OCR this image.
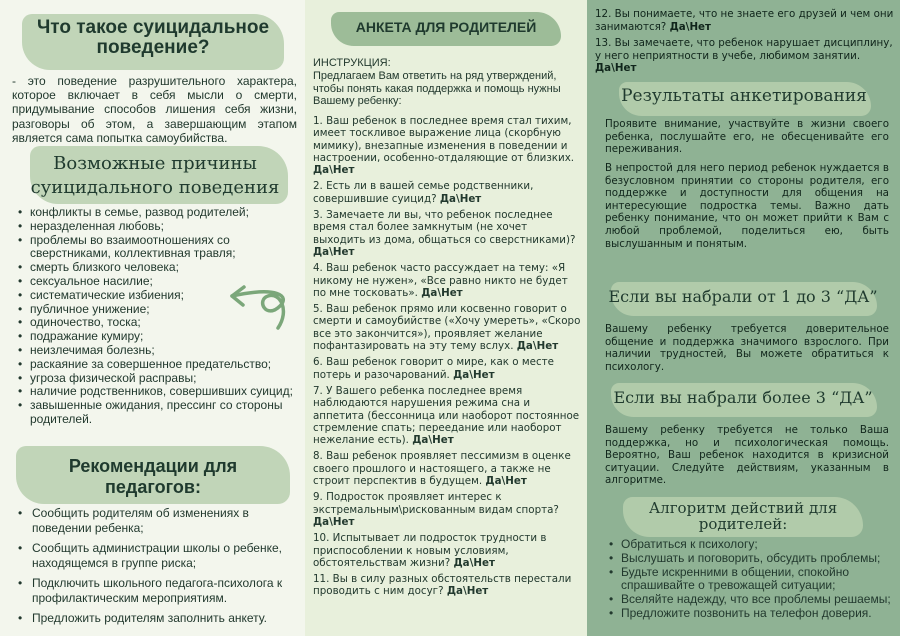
Что такое суицидальное поведение?
- это поведение разрушительного характера, которое включает в себя мысли о смерти, придумывание способов лишения себя жизни, разговоры об этом, а завершающим этапом является сама попытка самоубийства.
Возможные причины суицидального поведения
• конфликты в семье, развод родителей;
• неразделенная любовь;
• проблемы во взаимоотношениях со сверстниками, коллективная травля;
• смерть близкого человека;
• сексуальное насилие;
• систематические избиения;
• публичное унижение;
• одиночество, тоска;
• подражание кумиру;
• неизлечимая болезнь;
• раскаяние за совершенное предательство;
• угроза физической расправы;
• наличие родственников, совершивших суицид;
• завышенные ожидания, прессинг со стороны родителей.
Рекомендации для педагогов:
• Сообщить родителям об изменениях в поведении ребенка;
• Сообщить администрации школы о ребенке, находящемся в группе риска;
• Подключить школьного педагога-психолога к профилактическим мероприятиям.
• Предложить родителям заполнить анкету.
АНКЕТА ДЛЯ РОДИТЕЛЕЙ
ИНСТРУКЦИЯ:
Предлагаем Вам ответить на ряд утверждений, чтобы понять какая поддержка и помощь нужны Вашему ребенку:
1. Ваш ребенок в последнее время стал тихим, имеет тоскливое выражение лица (скорбную мимику), внезапные изменения в поведении и настроении, особенно-отдаляющие от близких. Да\Нет
2. Есть ли в вашей семье родственники, совершившие суицид? Да\Нет
3. Замечаете ли вы, что ребенок последнее время стал более замкнутым (не хочет выходить из дома, общаться со сверстниками)? Да\Нет
4. Ваш ребенок часто рассуждает на тему: «Я никому не нужен», «Все равно никто не будет по мне тосковать». Да\Нет
5. Ваш ребенок прямо или косвенно говорит о смерти и самоубийстве («Хочу умереть», «Скоро все это закончится»), проявляет желание пофантазировать на эту тему вслух. Да\Нет
6. Ваш ребенок говорит о мире, как о месте потерь и разочарований. Да\Нет
7. У Вашего ребенка последнее время наблюдаются нарушения режима сна и аппетита (бессонница или наоборот постоянное стремление спать; переедание или наоборот нежелание есть). Да\Нет
8. Ваш ребенок проявляет пессимизм в оценке своего прошлого и настоящего, а также не строит перспектив в будущем. Да\Нет
9. Подросток проявляет интерес к экстремальным\рискованным видам спорта? Да\Нет
10. Испытывает ли подросток трудности в приспособлении к новым условиям, обстоятельствам жизни? Да\Нет
11. Вы в силу разных обстоятельств перестали проводить с ним досуг? Да\Нет
12. Вы понимаете, что не знаете его друзей и чем они занимаются? Да\Нет
13. Вы замечаете, что ребенок нарушает дисциплину, у него неприятности в учебе, любимом занятии. Да\Нет
Результаты анкетирования
Проявите внимание, участвуйте в жизни своего ребенка, послушайте его, не обесценивайте его переживания.
В непростой для него период ребенок нуждается в безусловном принятии со стороны родителя, его поддержке и доступности для общения на интересующие подростка темы. Важно дать ребенку понимание, что он может прийти к Вам с любой проблемой, поделиться ею, быть выслушанным и понятым.
Если вы набрали от 1 до 3 “ДА”
Вашему ребенку требуется доверительное общение и поддержка значимого взрослого. При наличии трудностей, Вы можете обратиться к психологу.
Если вы набрали более 3 “ДА”
Вашему ребенку требуется не только Ваша поддержка, но и психологическая помощь. Вероятно, Ваш ребенок находится в кризисной ситуации. Следуйте действиям, указанным в алгоритме.
Алгоритм действий для родителей:
• Обратиться к психологу;
• Выслушать и поговорить, обсудить проблемы;
• Будьте искренними в общении, спокойно спрашивайте о тревожащей ситуации;
• Вселяйте надежду, что все проблемы решаемы;
• Предложите позвонить на телефон доверия.
